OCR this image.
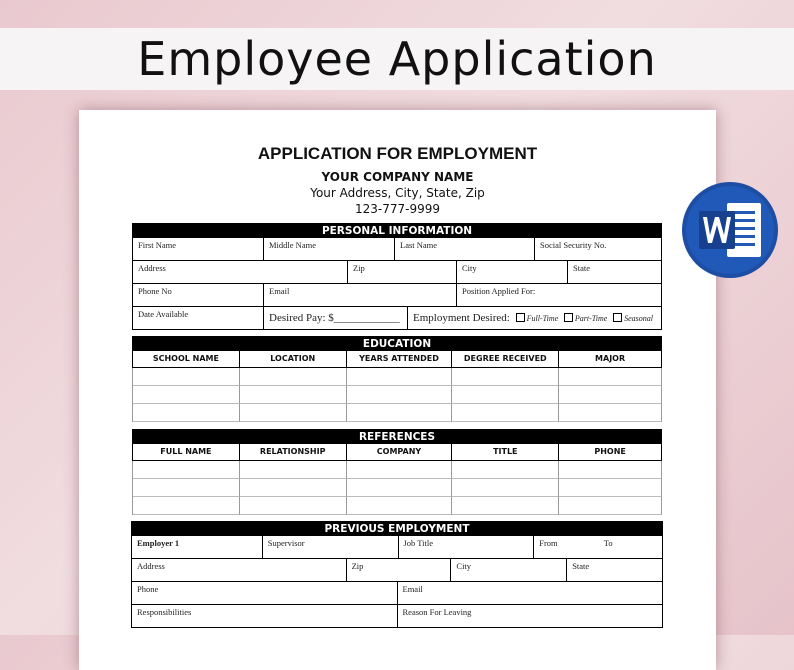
Employee Application
APPLICATION FOR EMPLOYMENT
YOUR COMPANY NAME
Your Address, City, State, Zip
123-777-9999
PERSONAL INFORMATION
First Name	Middle Name	Last Name	Social Security No.
Address	Zip	City	State
Phone No	Email	Position Applied For:
Date Available	Desired Pay: $____________	Employment Desired: Full-Time Part-Time Seasonal
EDUCATION
SCHOOL NAME	LOCATION	YEARS ATTENDED	DEGREE RECEIVED	MAJOR
REFERENCES
FULL NAME	RELATIONSHIP	COMPANY	TITLE	PHONE
PREVIOUS EMPLOYMENT
Employer 1	Supervisor	Job Title	From	To
Address	Zip	City	State
Phone	Email
Responsibilities	Reason For Leaving
